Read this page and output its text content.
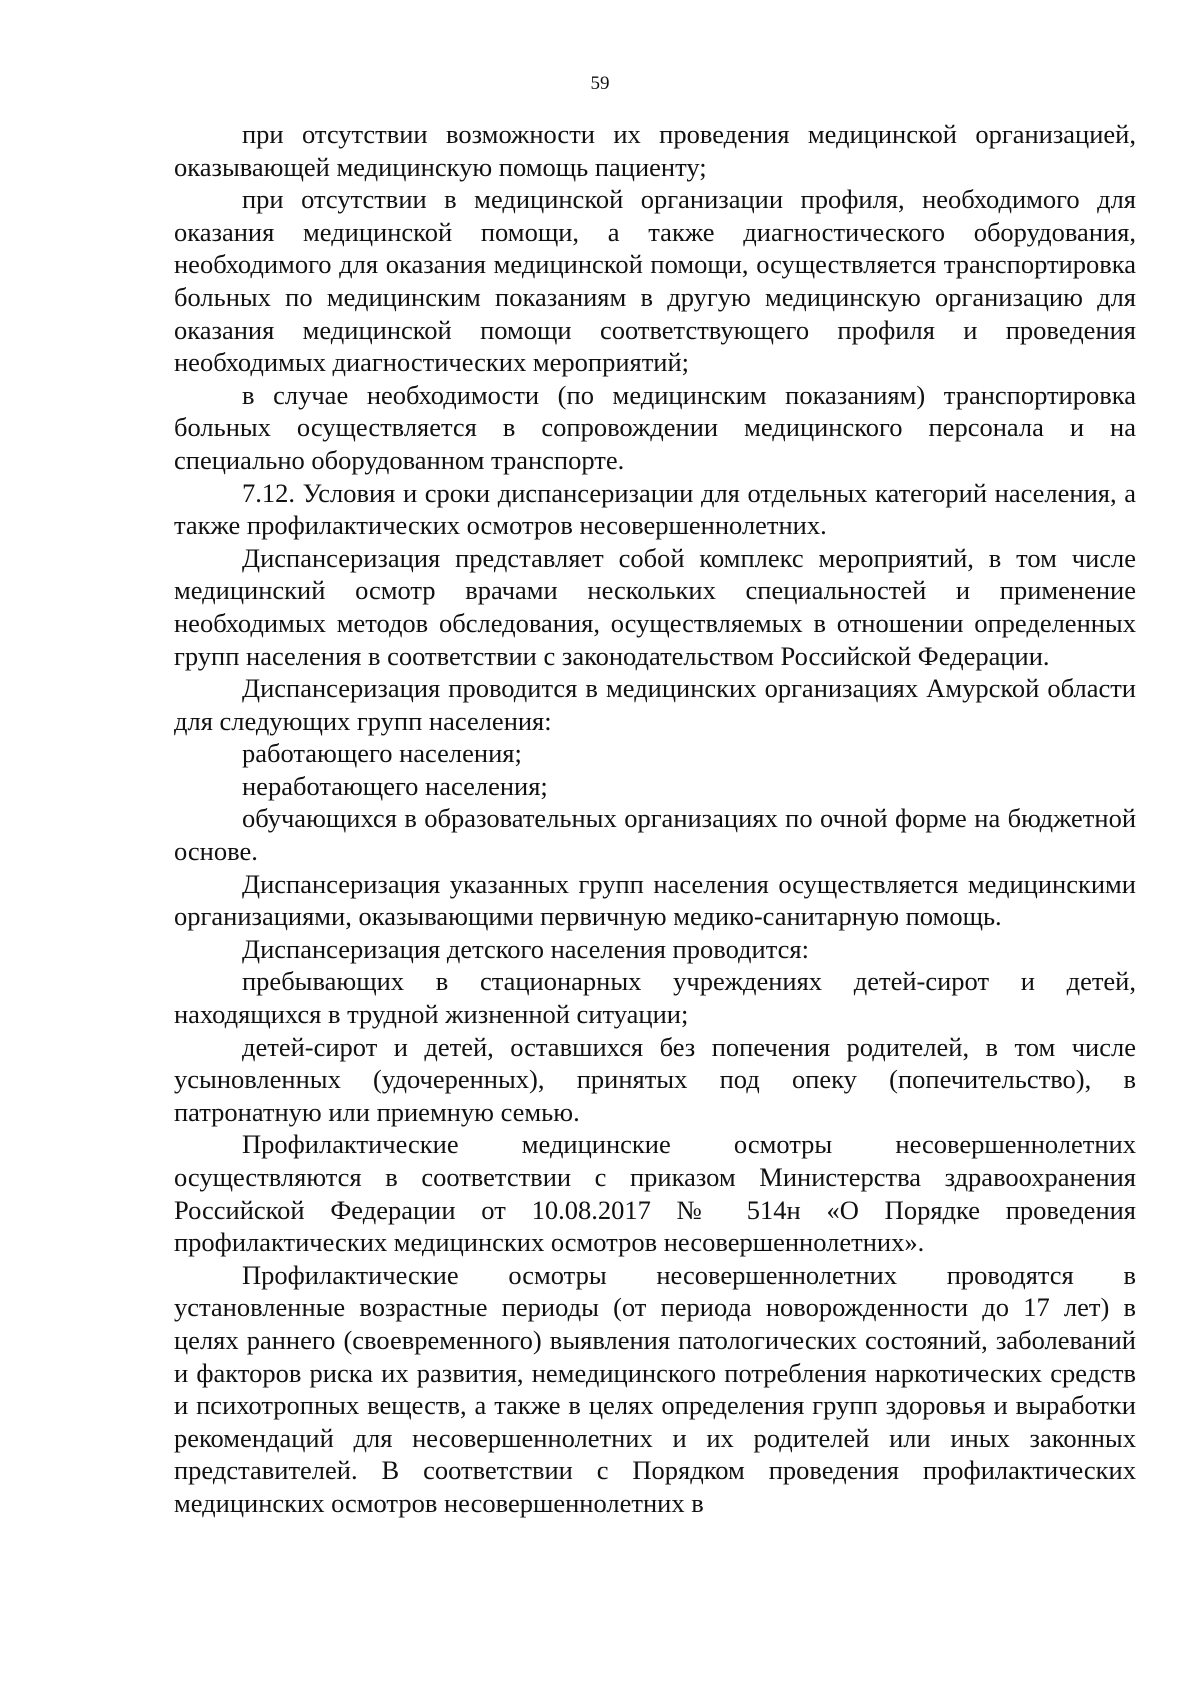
59

при отсутствии возможности их проведения медицинской организацией, оказывающей медицинскую помощь пациенту;

при отсутствии в медицинской организации профиля, необходимого для оказания медицинской помощи, а также диагностического оборудования, необходимого для оказания медицинской помощи, осуществляется транспортировка больных по медицинским показаниям в другую медицинскую организацию для оказания медицинской помощи соответствующего профиля и проведения необходимых диагностических мероприятий;

в случае необходимости (по медицинским показаниям) транспортировка больных осуществляется в сопровождении медицинского персонала и на специально оборудованном транспорте.

7.12. Условия и сроки диспансеризации для отдельных категорий населения, а также профилактических осмотров несовершеннолетних.

Диспансеризация представляет собой комплекс мероприятий, в том числе медицинский осмотр врачами нескольких специальностей и применение необходимых методов обследования, осуществляемых в отношении определенных групп населения в соответствии с законодательством Российской Федерации.

Диспансеризация проводится в медицинских организациях Амурской области для следующих групп населения:

работающего населения;

неработающего населения;

обучающихся в образовательных организациях по очной форме на бюджетной основе.

Диспансеризация указанных групп населения осуществляется медицинскими организациями, оказывающими первичную медико-санитарную помощь.

Диспансеризация детского населения проводится:

пребывающих в стационарных учреждениях детей-сирот и детей, находящихся в трудной жизненной ситуации;

детей-сирот и детей, оставшихся без попечения родителей, в том числе усыновленных (удочеренных), принятых под опеку (попечительство), в патронатную или приемную семью.

Профилактические медицинские осмотры несовершеннолетних осуществляются в соответствии с приказом Министерства здравоохранения Российской Федерации от 10.08.2017 № 514н «О Порядке проведения профилактических медицинских осмотров несовершеннолетних».

Профилактические осмотры несовершеннолетних проводятся в установленные возрастные периоды (от периода новорожденности до 17 лет) в целях раннего (своевременного) выявления патологических состояний, заболеваний и факторов риска их развития, немедицинского потребления наркотических средств и психотропных веществ, а также в целях определения групп здоровья и выработки рекомендаций для несовершеннолетних и их родителей или иных законных представителей. В соответствии с Порядком проведения профилактических медицинских осмотров несовершеннолетних в
